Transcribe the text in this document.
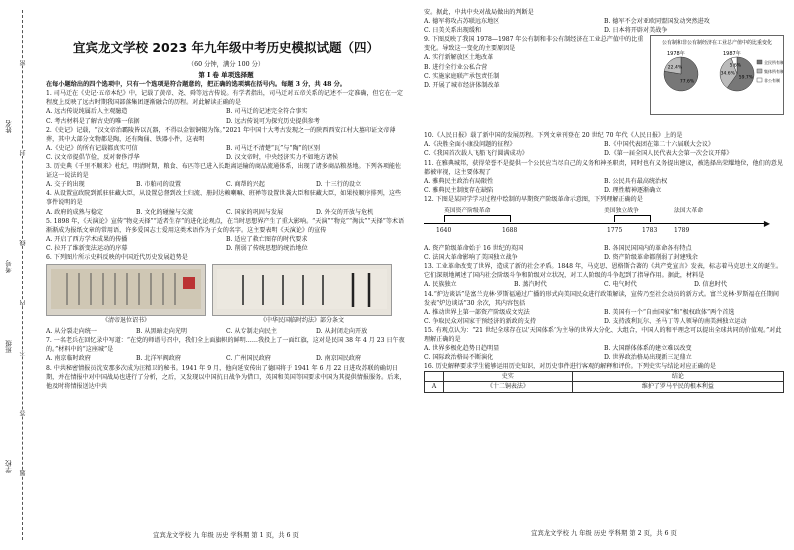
学校
班级
考号
姓名
密
封
线
内
不
答
题
宜宾龙文学校 2023 年九年级中考历史模拟试题（四）
（60 分钟，满分 100 分）
第 I 卷 单项选择题

在每小题给出的四个选项中，只有一个选项是符合题意的，把正确的选项填在括号内。每题 3 分，共 48 分。

1. 司马迁在《史记·五帝本纪》中，记载了黄帝、尧、舜等远古传说。有学者指出，司马迁对五帝关系的记述不一定准确，但它在一定程度上反映了远古时期我国部落集团逐渐融合的历程。对此解读正确的是

A. 远古传说纯属后人主观臆造	B. 司马迁的记述完全符合事实
C. 考古材料是了解古史的唯一依据	D. 远古传说可为探究历史提供参考

2.《史记》记载，“汉文帝治霸陵皆以瓦器，不得以金银铜锡为饰。”2021 年中国十大考古发现之一的陕西西安江村大墓印证文帝薄葬，其中大部分文物都是陶，还有陶俑、铁器小件，这表明

A.《史记》的所有记载都真实可信	B. 司马迁不清楚“瓦”与“陶”的区别
C. 汉文帝提倡节俭，反对奢侈浮华	D. 汉文帝时，中央经济实力不如地方诸侯

3. 历史典《千里不顺来》杜纪，明清时期，粮食、布匹等已进入长距离运输的商品流通体系，出现了诸多商品粮基地。下列各项能佐证这一说法的是

A. 交子的出现	B. 市舶司的设置	C. 商帮的兴起	D. 十三行的设立

4. 从设置宣政院到派驻驻藏大臣，从设置总督到改土归流、册封达赖喇嘛、班禅等设置世袭大臣和驻藏大臣，如果按顺序排列，这些事件说明的是

A. 政府的成熟与稳定	B. 文化的碰撞与交流	C. 国家的巩固与发展	D. 外交的开放与危机

5. 1898 年，《天演论》宣传“物竞天择”“适者生存”的进化论观点，在当时思想界产生了重大影响。“天演”“物竞”“淘汰”“天择”等术语渐渐成为报纸文章的常用语，许多爱国志士爱用这类术语作为子女的名字。这主要表明《天演论》的宣传

A. 开启了西方学术成果的传播	B. 适应了救亡图存的时代要求
C. 拉开了维新变法运动的序幕	D. 削弱了传统思想的统治地位

6. 下列图片所示史料反映的中国近代历史发展趋势是

《清帝退位诏书》	《中华民国临时约法》部分条文
A. 从分裂走向统一	B. 从黑暗走向光明	C. 从专制走向民主	D. 从封闭走向开放

7. 一名老兵在回忆录中写道：“在党的师谱号召中，我们全上面旗帜的鲜明……我投上了一面红旗，这对是民国 38 年 4 月 23 日午夜的。”材料中的“这座城”是

A. 南京临时政府	B. 北洋军阀政府	C. 广州国民政府	D. 南京国民政府

8. 中共秘密情报员沈安那多次成为汪精卫的秘书。1941 年 9 月，他向延安传出了德国将于 1941 年 6 月 22 日进攻苏联的确切日期，并在情报中对中国战局也进行了分析，之后，又发现以中国抗日战争为借口，英国和美国等国要求中国为其提供情报服务。后来，他及时将情报送达中共

宜宾龙文学校 九 年级 历史 学科期 第 1 页，共 6 页

安。据此，中共中央对战局做出的判断是

A. 德军将攻占苏联远东地区	B. 德军不会对亚欧同盟国发动突然进攻
C. 日美关系出现缓和	D. 日本将开辟对美战争

9. 下图反映了我国 1978—1987 年公有制和非公有制经济在工业总产值中的比重变化。导致这一变化的主要原因是

A. 实行新解放区土地改革

B. 进行全行业公私合营

C. 实施家庭联产承包责任制

D. 开展了城市经济体制改革

公有制和非公有制经济在工业总产值中的比重变化
77.6%
22.4%
1978年
59.7%
34.6%
5.6%
1987年
全民所有制
集体所有制
非公有制

10.《人民日报》载了新中国的发展历程。下列文章刊登在 20 世纪 70 年代《人民日报》上的是

A.《决胜全面小康没问题的征程》	B.《中国代表团在第二十六届联大会议》
C.《我国首次载人飞船飞行圆满成功》	D.《第一届全国人民代表大会第一次会议开幕》

11. 在雅典城邦，获得荣誉不是提供一个公民应当尽自己的义务和神圣职责，同时也有义务提出建议，被选择出荣耀地位，他们的意见都被审视，这主要体现了

A. 雅典民主政治有局限性	B. 公民具有最高统治权
C. 雅典民主制度存在缺陷	D. 理性精神逐渐确立

12. 下图是某同学学习过程中绘制的早期资产阶级革命示意图，下列理解正确的是

英国资产阶级革命	美国独立战争	法国大革命
▶
1640	1688	1775	1783	1789
A. 资产阶级革命始于 16 世纪的英国	B. 各国民国国内的革命各有特点
C. 法国大革命影响了美国独立战争	D. 资产阶级革命都削弱了封建残余

13. 工业革命改变了世界，造成了新的社会矛盾。1848 年，马克思、恩格斯合著的《共产党宣言》发表，标志着马克思主义的诞生。它们深刻地阐述了国内社会阶级斗争和阶级对立状况，对工人阶级的斗争起到了指导作用。据此，材料是

A. 民族独立	B. 蒸汽时代	C. 电气时代	D. 信息时代

14.“炉边谈话”是富兰克林·罗斯福通过广播的形式向美国民众进行政策解读，宣传乃至社会动员的新方式。富兰克林·罗斯福在任期间发表“炉边谈话”30 余次，其内容包括

A. 推动世界上第一部资产阶级成文宪法	B. 美国有一个“自由国家”和“极权政体”两个首选
C. 争取民众对国家干预经济的新政的支持	D. 支持波利瓦尔、圣马丁等人领导的南美洲独立运动

15. 有观点认为：“21 世纪全球存在以‘天国体系’为主导的世界大分化、大组合，中国人的和平理念可以提出全球共同的价值观。”对此理解正确的是

A. 世界多极化趋势日趋明显	B. 大国群体体系的建立难以改变
C. 国际政治格局不断演化	D. 世界政治格局出现新三足鼎立

16. 历史解释要求学生能够运用历史知识，对历史事件进行客观的解释和评价。下列史实与结论对应正确的是

	史实	结论
A	《十二铜表法》	维护了罗马平民的根本利益
宜宾龙文学校 九 年级 历史 学科期 第 2 页，共 6 页
